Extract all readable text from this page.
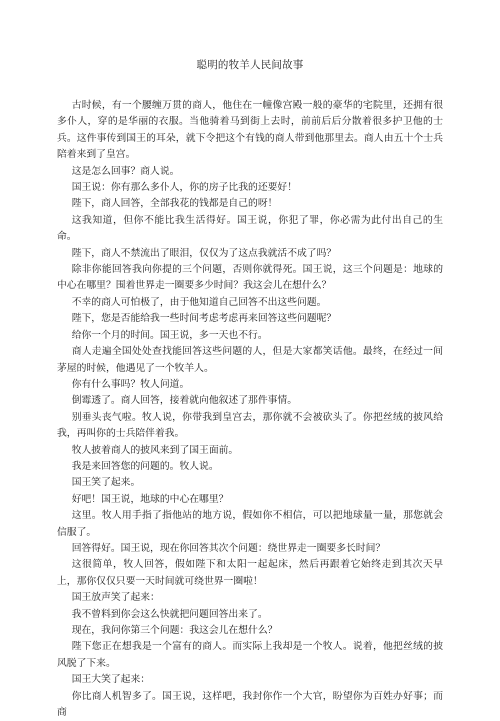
聪明的牧羊人民间故事

古时候，有一个腰缠万贯的商人，他住在一幢像宫殿一般的豪华的宅院里，还拥有很多仆人，穿的是华丽的衣服。当他骑着马到街上去时，前前后后分散着很多护卫他的士兵。这件事传到国王的耳朵，就下令把这个有钱的商人带到他那里去。商人由五十个士兵陪着来到了皇宫。

这是怎么回事？商人说。

国王说：你有那么多仆人，你的房子比我的还要好！

陛下，商人回答，全部我花的钱都是自己的呀！

这我知道，但你不能比我生活得好。国王说，你犯了罪，你必需为此付出自己的生命。

陛下，商人不禁流出了眼泪，仅仅为了这点我就活不成了吗？

除非你能回答我向你提的三个问题，否则你就得死。国王说，这三个问题是：地球的中心在哪里？围着世界走一圈要多少时间？我这会儿在想什么？

不幸的商人可怕极了，由于他知道自己回答不出这些问题。

陛下，您是否能给我一些时间考虑考虑再来回答这些问题呢？

给你一个月的时间。国王说，多一天也不行。

商人走遍全国处处查找能回答这些问题的人，但是大家都笑话他。最终，在经过一间茅屋的时候，他遇见了一个牧羊人。

你有什么事吗？牧人问道。

倒霉透了。商人回答，接着就向他叙述了那件事情。

别垂头丧气啦。牧人说，你带我到皇宫去，那你就不会被砍头了。你把丝绒的披风给我，再叫你的士兵陪伴着我。

牧人披着商人的披风来到了国王面前。

我是来回答您的问题的。牧人说。

国王笑了起来。

好吧！国王说，地球的中心在哪里？

这里。牧人用手指了指他站的地方说，假如你不相信，可以把地球量一量，那您就会信服了。

回答得好。国王说，现在你回答其次个问题：绕世界走一圈要多长时间？

这很简单，牧人回答，假如陛下和太阳一起起床，然后再跟着它始终走到其次天早上，那你仅仅只要一天时间就可绕世界一圈啦！

国王放声笑了起来：

我不曾料到你会这么快就把问题回答出来了。

现在，我问你第三个问题：我这会儿在想什么？

陛下您正在想我是一个富有的商人。而实际上我却是一个牧人。说着，他把丝绒的披风脱了下来。

国王大笑了起来：

你比商人机智多了。国王说，这样吧，我封你作一个大官，盼望你为百姓办好事；而商
